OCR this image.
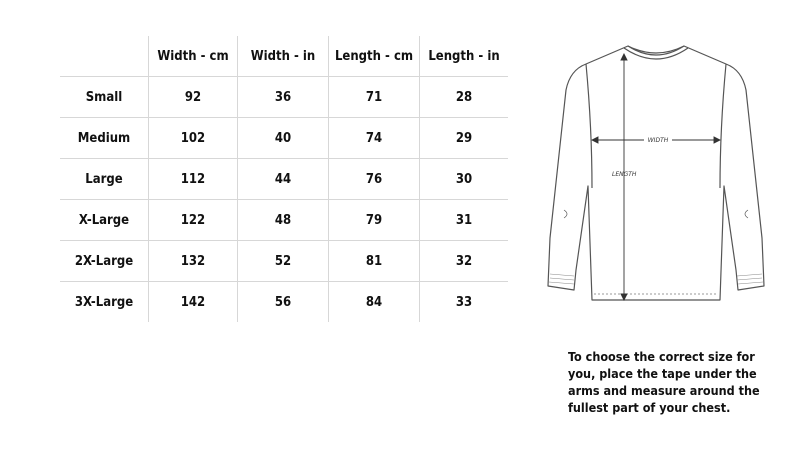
	Width - cm	Width - in	Length - cm	Length - in
Small	92	36	71	28
Medium	102	40	74	29
Large	112	44	76	30
X-Large	122	48	79	31
2X-Large	132	52	81	32
3X-Large	142	56	84	33
WIDTH
LENGTH
To choose the correct size for you, place the tape under the arms and measure around the fullest part of your chest.
